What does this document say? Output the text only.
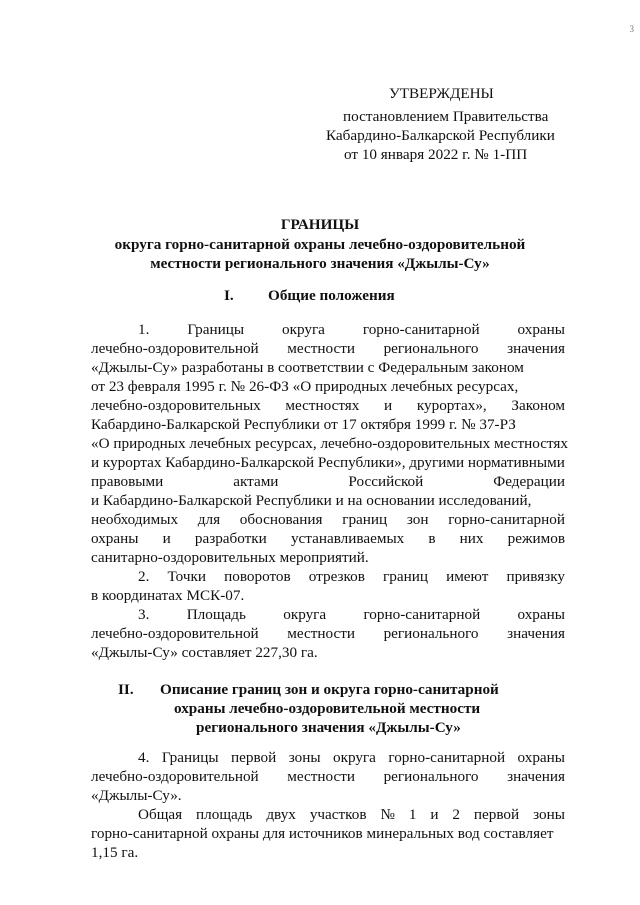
3
УТВЕРЖДЕНЫ
постановлением Правительства
Кабардино-Балкарской Республики
от 10 января 2022 г. № 1-ПП
ГРАНИЦЫ
округа горно-санитарной охраны лечебно-оздоровительной
местности регионального значения «Джылы-Су»
I. Общие положения
1. Границы округа горно-санитарной охраны
лечебно-оздоровительной местности регионального значения
«Джылы-Су» разработаны в соответствии с Федеральным законом
от 23 февраля 1995 г. № 26-ФЗ «О природных лечебных ресурсах,
лечебно-оздоровительных местностях и курортах», Законом
Кабардино-Балкарской Республики от 17 октября 1999 г. № 37-РЗ
«О природных лечебных ресурсах, лечебно-оздоровительных местностях
и курортах Кабардино-Балкарской Республики», другими нормативными
правовыми	актами	Российской	Федерации
и Кабардино-Балкарской Республики и на основании исследований,
необходимых для обоснования границ зон горно-санитарной
охраны и разработки устанавливаемых в них режимов
санитарно-оздоровительных мероприятий.
2. Точки поворотов отрезков границ имеют привязку
в координатах МСК-07.
3. Площадь округа горно-санитарной охраны
лечебно-оздоровительной местности регионального значения
«Джылы-Су» составляет 227,30 га.
II. Описание границ зон и округа горно-санитарной
охраны лечебно-оздоровительной местности
регионального значения «Джылы-Су»
4. Границы первой зоны округа горно-санитарной охраны
лечебно-оздоровительной местности регионального значения
«Джылы-Су».
Общая площадь двух участков № 1 и 2 первой зоны
горно-санитарной охраны для источников минеральных вод составляет
1,15 га.
